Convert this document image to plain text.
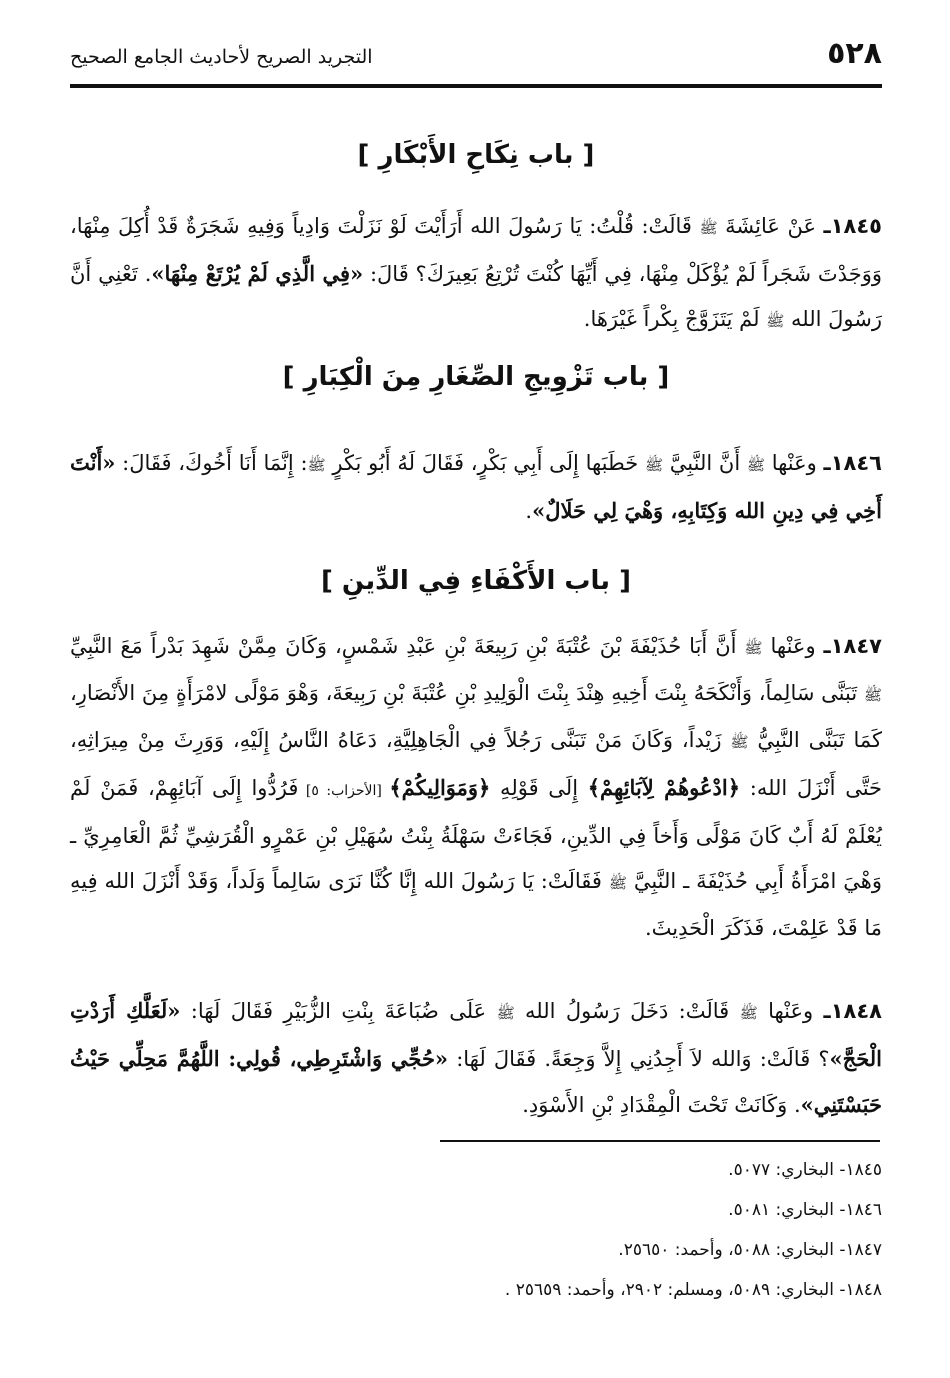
٥٢٨
التجريد الصريح لأحاديث الجامع الصحيح
[ باب نِكَاحِ الأَبْكَارِ ]
١٨٤٥ـ عَنْ عَائِشَةَ ﷺ قَالَتْ: قُلْتُ: يَا رَسُولَ الله أَرَأَيْتَ لَوْ نَزَلْتَ وَادِياً وَفِيهِ شَجَرَةٌ قَدْ أُكِلَ مِنْهَا، وَوَجَدْتَ شَجَراً لَمْ يُؤْكَلْ مِنْهَا، فِي أَيِّهَا كُنْتَ تُرْتِعُ بَعِيرَكَ؟ قَالَ: «فِي الَّذِي لَمْ يُرْتَعْ مِنْهَا». تَعْنِي أَنَّ رَسُولَ الله ﷺ لَمْ يَتَزَوَّجْ بِكْراً غَيْرَهَا.
[ باب تَزْوِيجِ الصِّغَارِ مِنَ الْكِبَارِ ]
١٨٤٦ـ وعَنْها ﷺ أَنَّ النَّبِيَّ ﷺ خَطَبَها إِلَى أَبِي بَكْرٍ، فَقَالَ لَهُ أَبُو بَكْرٍ ﷺ: إِنَّمَا أَنَا أَخُوكَ، فَقَالَ: «أَنْتَ أَخِي فِي دِينِ الله وَكِتَابِهِ، وَهْيَ لِي حَلَالٌ».
[ باب الأَكْفَاءِ فِي الدِّينِ ]
١٨٤٧ـ وعَنْها ﷺ أَنَّ أَبَا حُذَيْفَةَ بْنَ عُتْبَةَ بْنِ رَبِيعَةَ بْنِ عَبْدِ شَمْسٍ، وَكَانَ مِمَّنْ شَهِدَ بَدْراً مَعَ النَّبِيِّ ﷺ تَبَنَّى سَالِماً، وَأَنْكَحَهُ بِنْتَ أَخِيهِ هِنْدَ بِنْتَ الْوَلِيدِ بْنِ عُتْبَةَ بْنِ رَبِيعَةَ، وَهْوَ مَوْلًى لامْرَأَةٍ مِنَ الأَنْصَارِ، كَمَا تَبَنَّى النَّبِيُّ ﷺ زَيْداً، وَكَانَ مَنْ تَبَنَّى رَجُلاً فِي الْجَاهِلِيَّةِ، دَعَاهُ النَّاسُ إِلَيْهِ، وَوَرِثَ مِنْ مِيرَاثِهِ، حَتَّى أَنْزَلَ الله: ﴿ادْعُوهُمْ لِآبَائِهِمْ﴾ إِلَى قَوْلِهِ ﴿وَمَوَالِيكُمْ﴾ [الأحزاب: ٥] فَرُدُّوا إِلَى آبَائِهِمْ، فَمَنْ لَمْ يُعْلَمْ لَهُ أَبٌ كَانَ مَوْلًى وَأَخاً فِي الدِّينِ، فَجَاءَتْ سَهْلَةُ بِنْتُ سُهَيْلِ بْنِ عَمْرٍو الْقُرَشِيِّ ثُمَّ الْعَامِرِيِّ ـ وَهْيَ امْرَأَةُ أَبِي حُذَيْفَةَ ـ النَّبِيَّ ﷺ فَقَالَتْ: يَا رَسُولَ الله إِنَّا كُنَّا نَرَى سَالِماً وَلَداً، وَقَدْ أَنْزَلَ الله فِيهِ مَا قَدْ عَلِمْتَ، فَذَكَرَ الْحَدِيثَ.
١٨٤٨ـ وعَنْها ﷺ قَالَتْ: دَخَلَ رَسُولُ الله ﷺ عَلَى ضُبَاعَةَ بِنْتِ الزُّبَيْرِ فَقَالَ لَهَا: «لَعَلَّكِ أَرَدْتِ الْحَجَّ»؟ قَالَتْ: وَالله لاَ أَجِدُنِي إِلاَّ وَجِعَةً. فَقَالَ لَهَا: «حُجِّي وَاشْتَرِطِي، قُولِي: اللَّهُمَّ مَحِلِّي حَيْثُ حَبَسْتَنِي». وَكَانَتْ تَحْتَ الْمِقْدَادِ بْنِ الأَسْوَدِ.
١٨٤٥- البخاري: ٥٠٧٧.
١٨٤٦- البخاري: ٥٠٨١.
١٨٤٧- البخاري: ٥٠٨٨، وأحمد: ٢٥٦٥٠.
١٨٤٨- البخاري: ٥٠٨٩، ومسلم: ٢٩٠٢، وأحمد: ٢٥٦٥٩ .
